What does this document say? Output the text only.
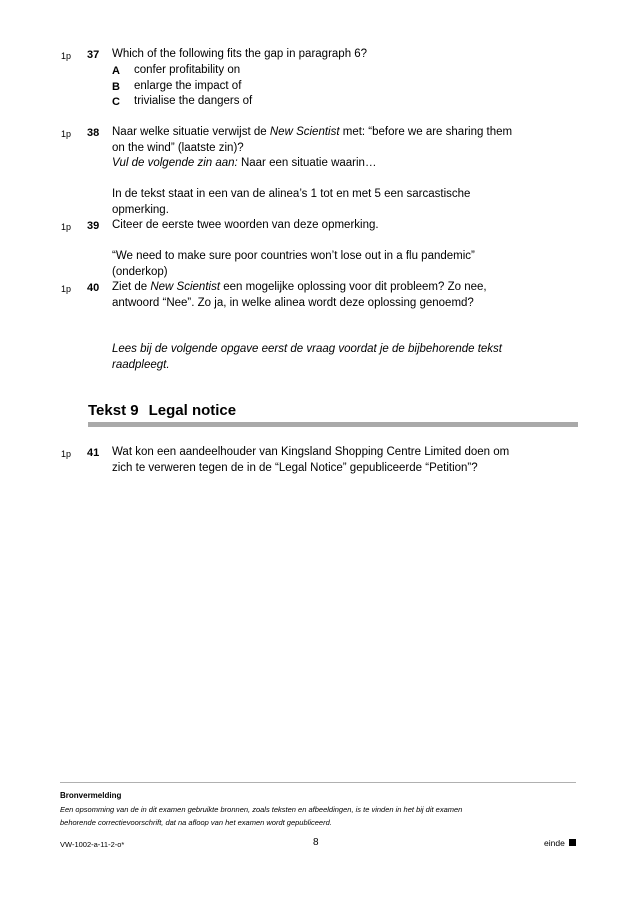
1p 37 Which of the following fits the gap in paragraph 6?
A confer profitability on
B enlarge the impact of
C trivialise the dangers of
1p 38 Naar welke situatie verwijst de New Scientist met: “before we are sharing them
on the wind” (laatste zin)?
Vul de volgende zin aan: Naar een situatie waarin…
In de tekst staat in een van de alinea’s 1 tot en met 5 een sarcastische
opmerking.
1p 39 Citeer de eerste twee woorden van deze opmerking.
“We need to make sure poor countries won’t lose out in a flu pandemic”
(onderkop)
1p 40 Ziet de New Scientist een mogelijke oplossing voor dit probleem? Zo nee,
antwoord “Nee”. Zo ja, in welke alinea wordt deze oplossing genoemd?
Lees bij de volgende opgave eerst de vraag voordat je de bijbehorende tekst
raadpleegt.
Tekst 9 Legal notice
1p 41 Wat kon een aandeelhouder van Kingsland Shopping Centre Limited doen om
zich te verweren tegen de in de “Legal Notice” gepubliceerde “Petition”?
Bronvermelding
Een opsomming van de in dit examen gebruikte bronnen, zoals teksten en afbeeldingen, is te vinden in het bij dit examen
behorende correctievoorschrift, dat na afloop van het examen wordt gepubliceerd.
VW-1002-a-11-2-o*	8	einde
